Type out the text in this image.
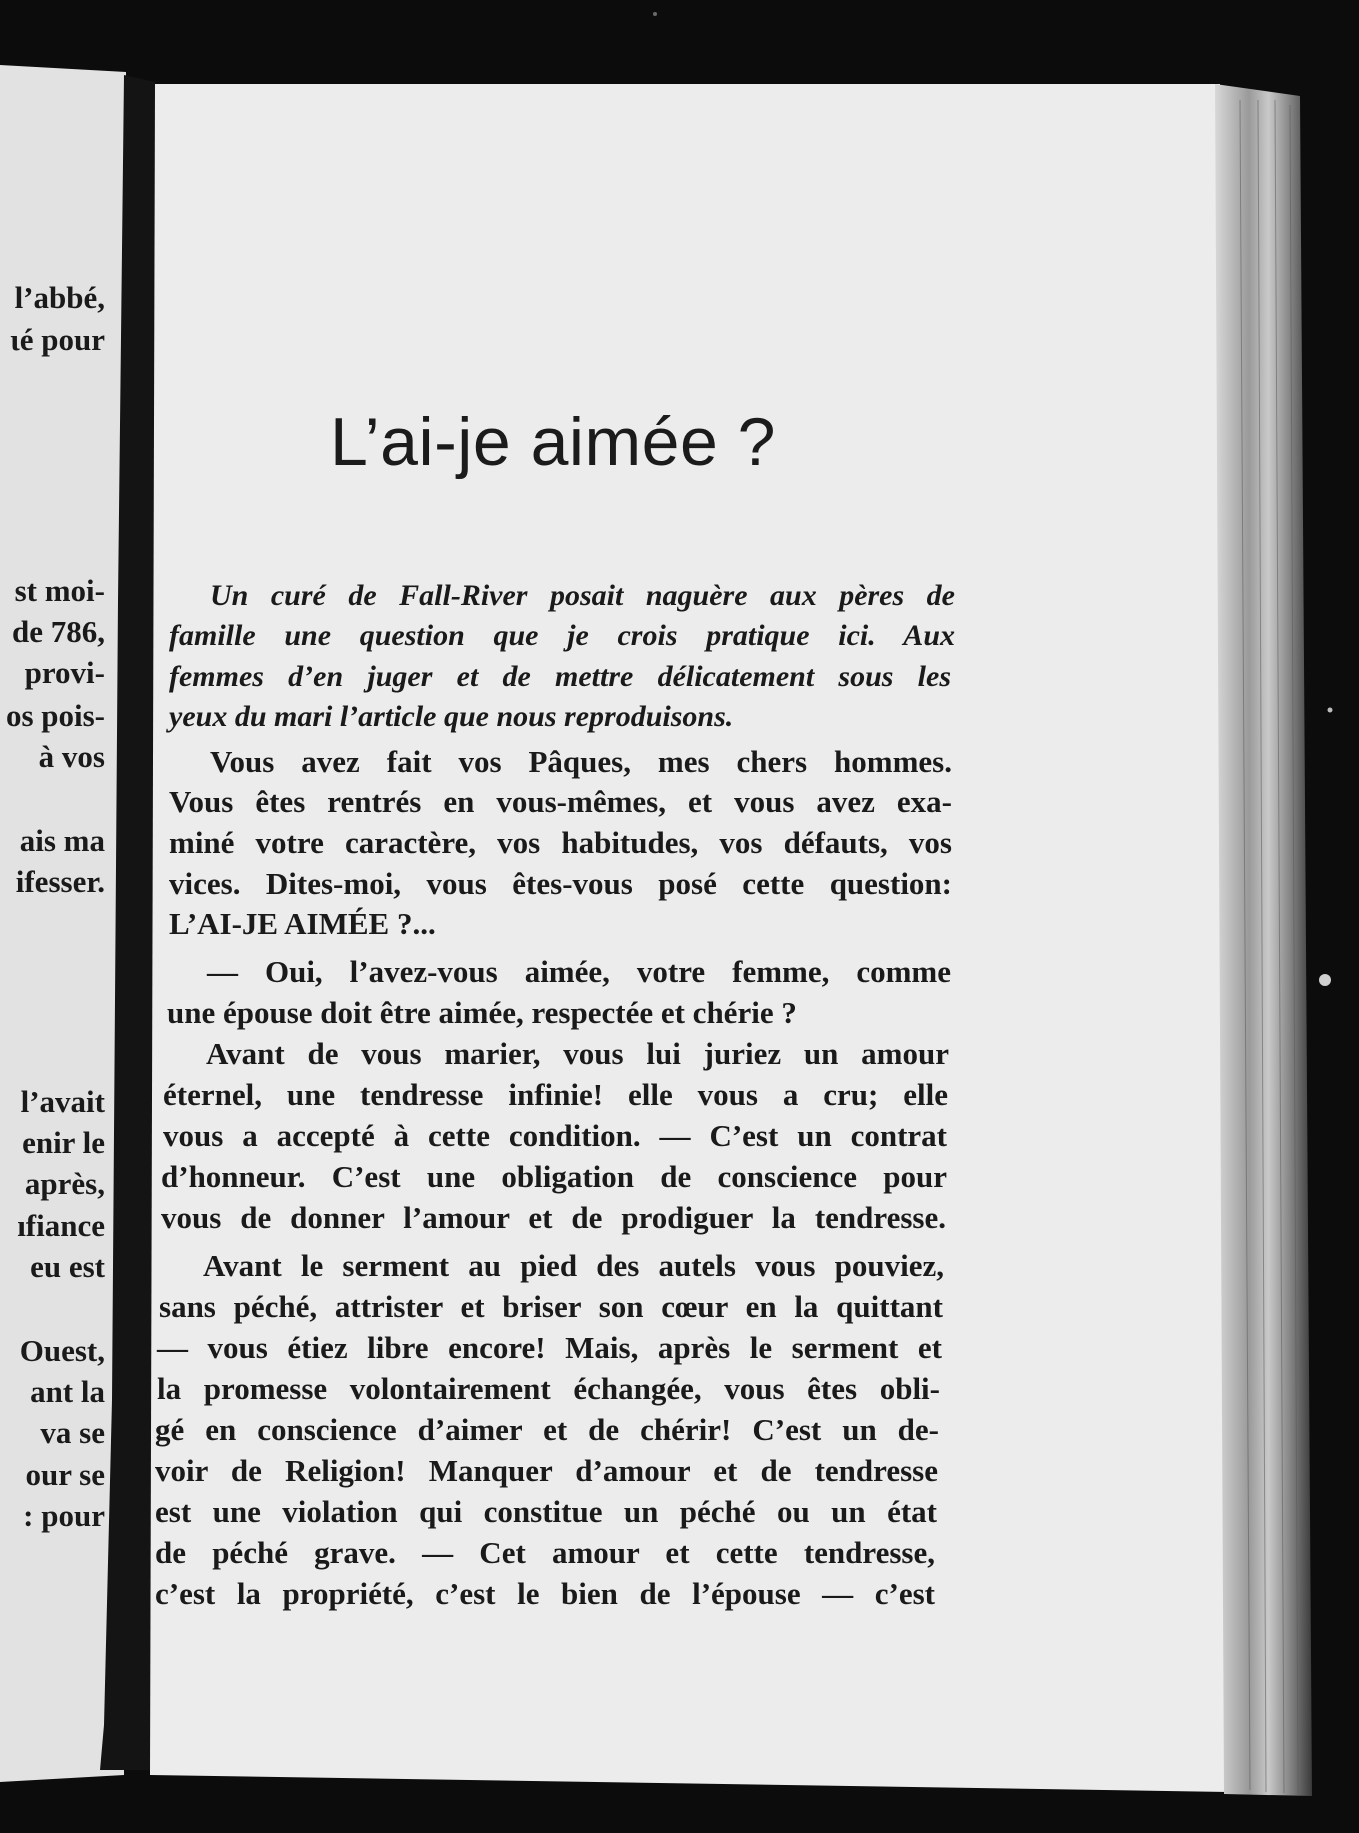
l’abbé,
ιé pour
st moi-
de 786,
provi-
os pois-
à vos
ais ma
ifesser.
l’avait
enir le
après,
ıfiance
eu est
Ouest,
ant la
va se
our se
: pour
L’ai-je aimée ?
Un curé de Fall-River posait naguère aux pères de
famille une question que je crois pratique ici. Aux
femmes d’en juger et de mettre délicatement sous les
yeux du mari l’article que nous reproduisons.
Vous avez fait vos Pâques, mes chers hommes.
Vous êtes rentrés en vous-mêmes, et vous avez exa-
miné votre caractère, vos habitudes, vos défauts, vos
vices. Dites-moi, vous êtes-vous posé cette question:
L’AI-JE AIMÉE ?...
— Oui, l’avez-vous aimée, votre femme, comme
une épouse doit être aimée, respectée et chérie ?
Avant de vous marier, vous lui juriez un amour
éternel, une tendresse infinie! elle vous a cru; elle
vous a accepté à cette condition. — C’est un contrat
d’honneur. C’est une obligation de conscience pour
vous de donner l’amour et de prodiguer la tendresse.
Avant le serment au pied des autels vous pouviez,
sans péché, attrister et briser son cœur en la quittant
— vous étiez libre encore! Mais, après le serment et
la promesse volontairement échangée, vous êtes obli-
gé en conscience d’aimer et de chérir! C’est un de-
voir de Religion! Manquer d’amour et de tendresse
est une violation qui constitue un péché ou un état
de péché grave. — Cet amour et cette tendresse,
c’est la propriété, c’est le bien de l’épouse — c’est
